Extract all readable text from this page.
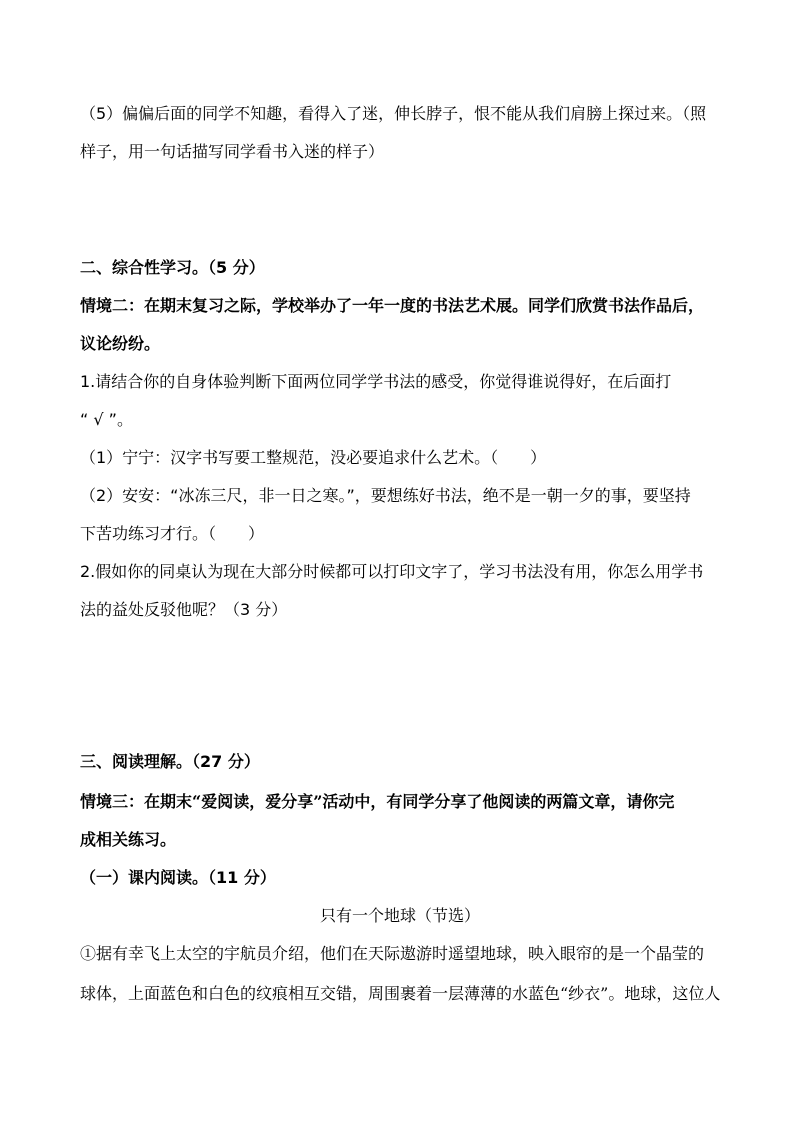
（5）偏偏后面的同学不知趣，看得入了迷，伸长脖子，恨不能从我们肩膀上探过来。（照
样子，用一句话描写同学看书入迷的样子）
二、综合性学习。（5 分）
情境二：在期末复习之际，学校举办了一年一度的书法艺术展。同学们欣赏书法作品后，
议论纷纷。
1.请结合你的自身体验判断下面两位同学学书法的感受，你觉得谁说得好，在后面打
“ √ ”。
（1）宁宁：汉字书写要工整规范，没必要追求什么艺术。（　　）
（2）安安：“冰冻三尺，非一日之寒。”，要想练好书法，绝不是一朝一夕的事，要坚持
下苦功练习才行。（　　）
2.假如你的同桌认为现在大部分时候都可以打印文字了，学习书法没有用，你怎么用学书
法的益处反驳他呢？（3 分）
三、阅读理解。（27 分）
情境三：在期末“爱阅读，爱分享”活动中，有同学分享了他阅读的两篇文章，请你完
成相关练习。
（一）课内阅读。（11 分）
只有一个地球（节选）
①据有幸飞上太空的宇航员介绍，他们在天际遨游时遥望地球，映入眼帘的是一个晶莹的
球体，上面蓝色和白色的纹痕相互交错，周围裹着一层薄薄的水蓝色“纱衣”。地球，这位人
